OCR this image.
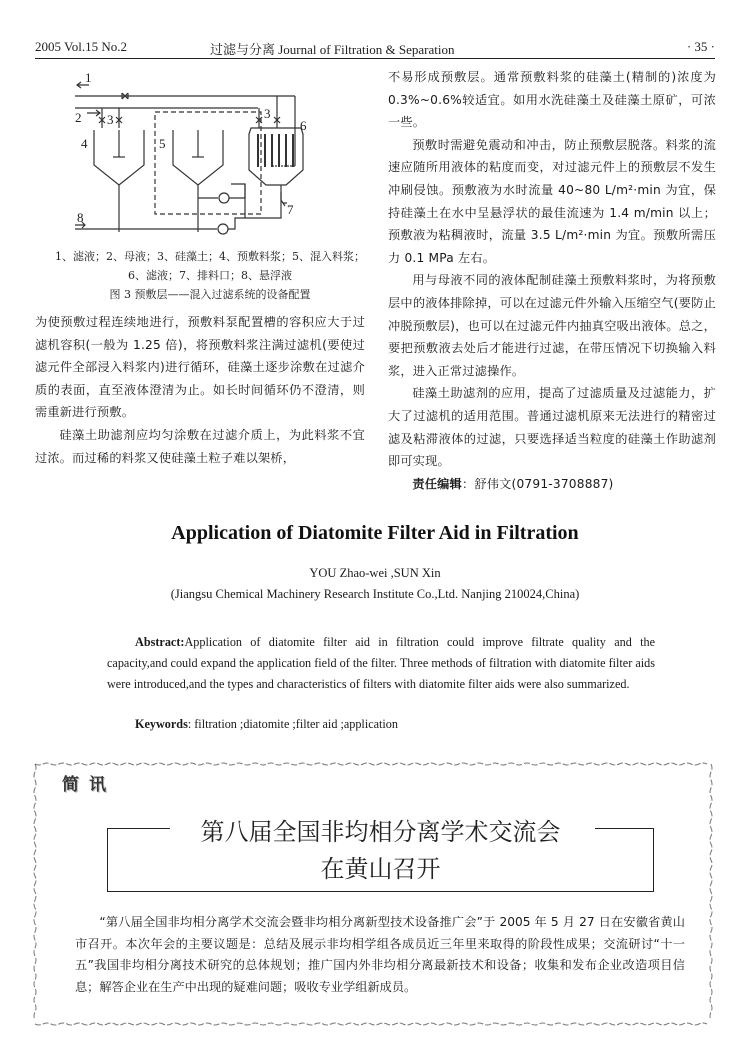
2005 Vol.15 No.2	过滤与分离 Journal of Filtration & Separation	· 35 ·
1
2 3	3
4	5
6
7
8
1、滤液；2、母液；3、硅藻土；4、预敷料浆；5、混入料浆；
6、滤液；7、排料口；8、悬浮液
图 3 预敷层——混入过滤系统的设备配置

为使预敷过程连续地进行，预敷料泵配置槽的容积应大于过滤机容积(一般为 1.25 倍)，将预敷料浆注满过滤机(要使过滤元件全部浸入料浆内)进行循环，硅藻土逐步涂敷在过滤介质的表面，直至液体澄清为止。如长时间循环仍不澄清，则需重新进行预敷。

硅藻土助滤剂应均匀涂敷在过滤介质上，为此料浆不宜过浓。而过稀的料浆又使硅藻土粒子难以架桥，

不易形成预敷层。通常预敷料浆的硅藻土(精制的)浓度为 0.3%~0.6%较适宜。如用水洗硅藻土及硅藻土原矿，可浓一些。

预敷时需避免震动和冲击，防止预敷层脱落。料浆的流速应随所用液体的粘度而变，对过滤元件上的预敷层不发生冲刷侵蚀。预敷液为水时流量 40~80 L/m²·min 为宜，保持硅藻土在水中呈悬浮状的最佳流速为 1.4 m/min 以上；预敷液为粘稠液时，流量 3.5 L/m²·min 为宜。预敷所需压力 0.1 MPa 左右。

用与母液不同的液体配制硅藻土预敷料浆时，为将预敷层中的液体排除掉，可以在过滤元件外输入压缩空气(要防止冲脱预敷层)，也可以在过滤元件内抽真空吸出液体。总之，要把预敷液去处后才能进行过滤，在带压情况下切换输入料浆，进入正常过滤操作。

硅藻土助滤剂的应用，提高了过滤质量及过滤能力，扩大了过滤机的适用范围。普通过滤机原来无法进行的精密过滤及粘滞液体的过滤，只要选择适当粒度的硅藻土作助滤剂即可实现。

责任编辑：舒伟文(0791-3708887)

Application of Diatomite Filter Aid in Filtration
YOU Zhao-wei ,SUN Xin
(Jiangsu Chemical Machinery Research Institute Co.,Ltd. Nanjing 210024,China)
Abstract:Application of diatomite filter aid in filtration could improve filtrate quality and the capacity,and could expand the application field of the filter. Three methods of filtration with diatomite filter aids were introduced,and the types and characteristics of filters with diatomite filter aids were also summarized.
Keywords: filtration ;diatomite ;filter aid ;application
简讯
第八届全国非均相分离学术交流会
在黄山召开
“第八届全国非均相分离学术交流会暨非均相分离新型技术设备推广会”于 2005 年 5 月 27 日在安徽省黄山市召开。本次年会的主要议题是：总结及展示非均相学组各成员近三年里来取得的阶段性成果；交流研讨“十一五”我国非均相分离技术研究的总体规划；推广国内外非均相分离最新技术和设备；收集和发布企业改造项目信息；解答企业在生产中出现的疑难问题；吸收专业学组新成员。
